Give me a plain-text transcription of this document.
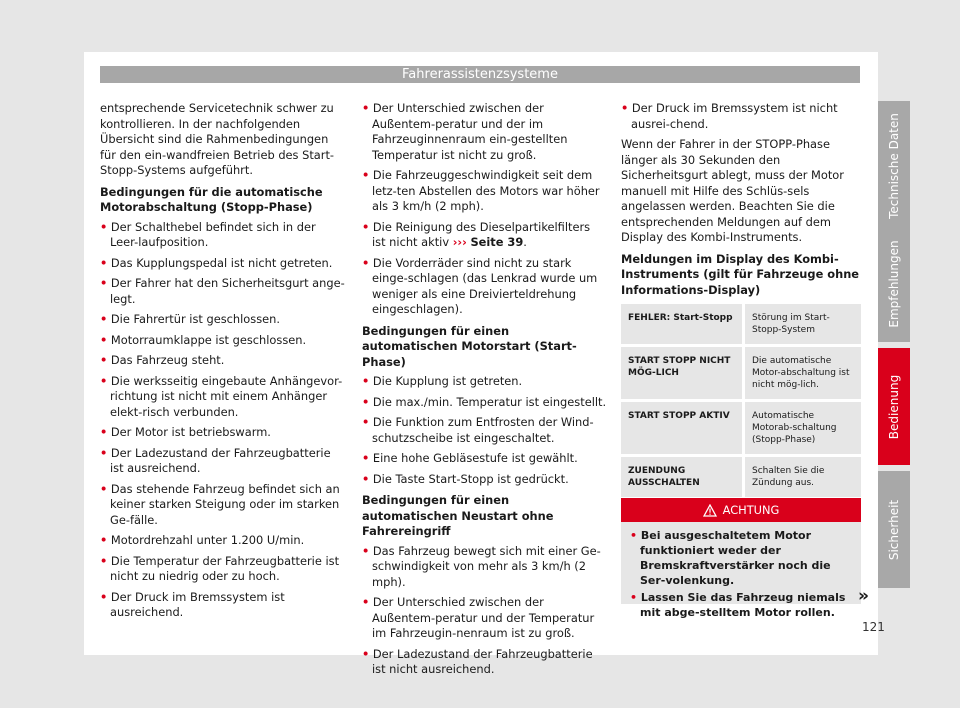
Fahrerassistenzsysteme

entsprechende Servicetechnik schwer zu kontrollieren. In der nachfolgenden Übersicht sind die Rahmenbedingungen für den ein-wandfreien Betrieb des Start-Stopp-Systems aufgeführt.

Bedingungen für die automatische Motorabschaltung (Stopp-Phase)

• Der Schalthebel befindet sich in der Leer-laufposition.

• Das Kupplungspedal ist nicht getreten.

• Der Fahrer hat den Sicherheitsgurt ange-legt.

• Die Fahrertür ist geschlossen.

• Motorraumklappe ist geschlossen.

• Das Fahrzeug steht.

• Die werksseitig eingebaute Anhängevor-richtung ist nicht mit einem Anhänger elekt-risch verbunden.

• Der Motor ist betriebswarm.

• Der Ladezustand der Fahrzeugbatterie ist ausreichend.

• Das stehende Fahrzeug befindet sich an keiner starken Steigung oder im starken Ge-fälle.

• Motordrehzahl unter 1.200 U/min.

• Die Temperatur der Fahrzeugbatterie ist nicht zu niedrig oder zu hoch.

• Der Druck im Bremssystem ist ausreichend.

• Der Unterschied zwischen der Außentem-peratur und der im Fahrzeuginnenraum ein-gestellten Temperatur ist nicht zu groß.

• Die Fahrzeuggeschwindigkeit seit dem letz-ten Abstellen des Motors war höher als 3 km/h (2 mph).

• Die Reinigung des Dieselpartikelfilters ist nicht aktiv ››› Seite 39.

• Die Vorderräder sind nicht zu stark einge-schlagen (das Lenkrad wurde um weniger als eine Dreivierteldrehung eingeschlagen).

Bedingungen für einen automatischen Motorstart (Start-Phase)

• Die Kupplung ist getreten.

• Die max./min. Temperatur ist eingestellt.

• Die Funktion zum Entfrosten der Wind-schutzscheibe ist eingeschaltet.

• Eine hohe Gebläsestufe ist gewählt.

• Die Taste Start-Stopp ist gedrückt.

Bedingungen für einen automatischen Neustart ohne Fahrereingriff

• Das Fahrzeug bewegt sich mit einer Ge-schwindigkeit von mehr als 3 km/h (2 mph).

• Der Unterschied zwischen der Außentem-peratur und der Temperatur im Fahrzeugin-nenraum ist zu groß.

• Der Ladezustand der Fahrzeugbatterie ist nicht ausreichend.

• Der Druck im Bremssystem ist nicht ausrei-chend.

Wenn der Fahrer in der STOPP-Phase länger als 30 Sekunden den Sicherheitsgurt ablegt, muss der Motor manuell mit Hilfe des Schlüs-sels angelassen werden. Beachten Sie die entsprechenden Meldungen auf dem Display des Kombi-Instruments.

Meldungen im Display des Kombi-Instruments (gilt für Fahrzeuge ohne Informations-Display)

FEHLER: Start-Stopp	Störung im Start-Stopp-System
START STOPP NICHT MÖG-LICH	Die automatische Motor-abschaltung ist nicht mög-lich.
START STOPP AKTIV	Automatische Motorab-schaltung (Stopp-Phase)
ZUENDUNG AUSSCHALTEN	Schalten Sie die Zündung aus.

ACHTUNG

• Bei ausgeschaltetem Motor funktioniert weder der Bremskraftverstärker noch die Ser-volenkung.

• Lassen Sie das Fahrzeug niemals mit abge-stelltem Motor rollen.

»
121
Technische Daten
Empfehlungen
Bedienung
Sicherheit
